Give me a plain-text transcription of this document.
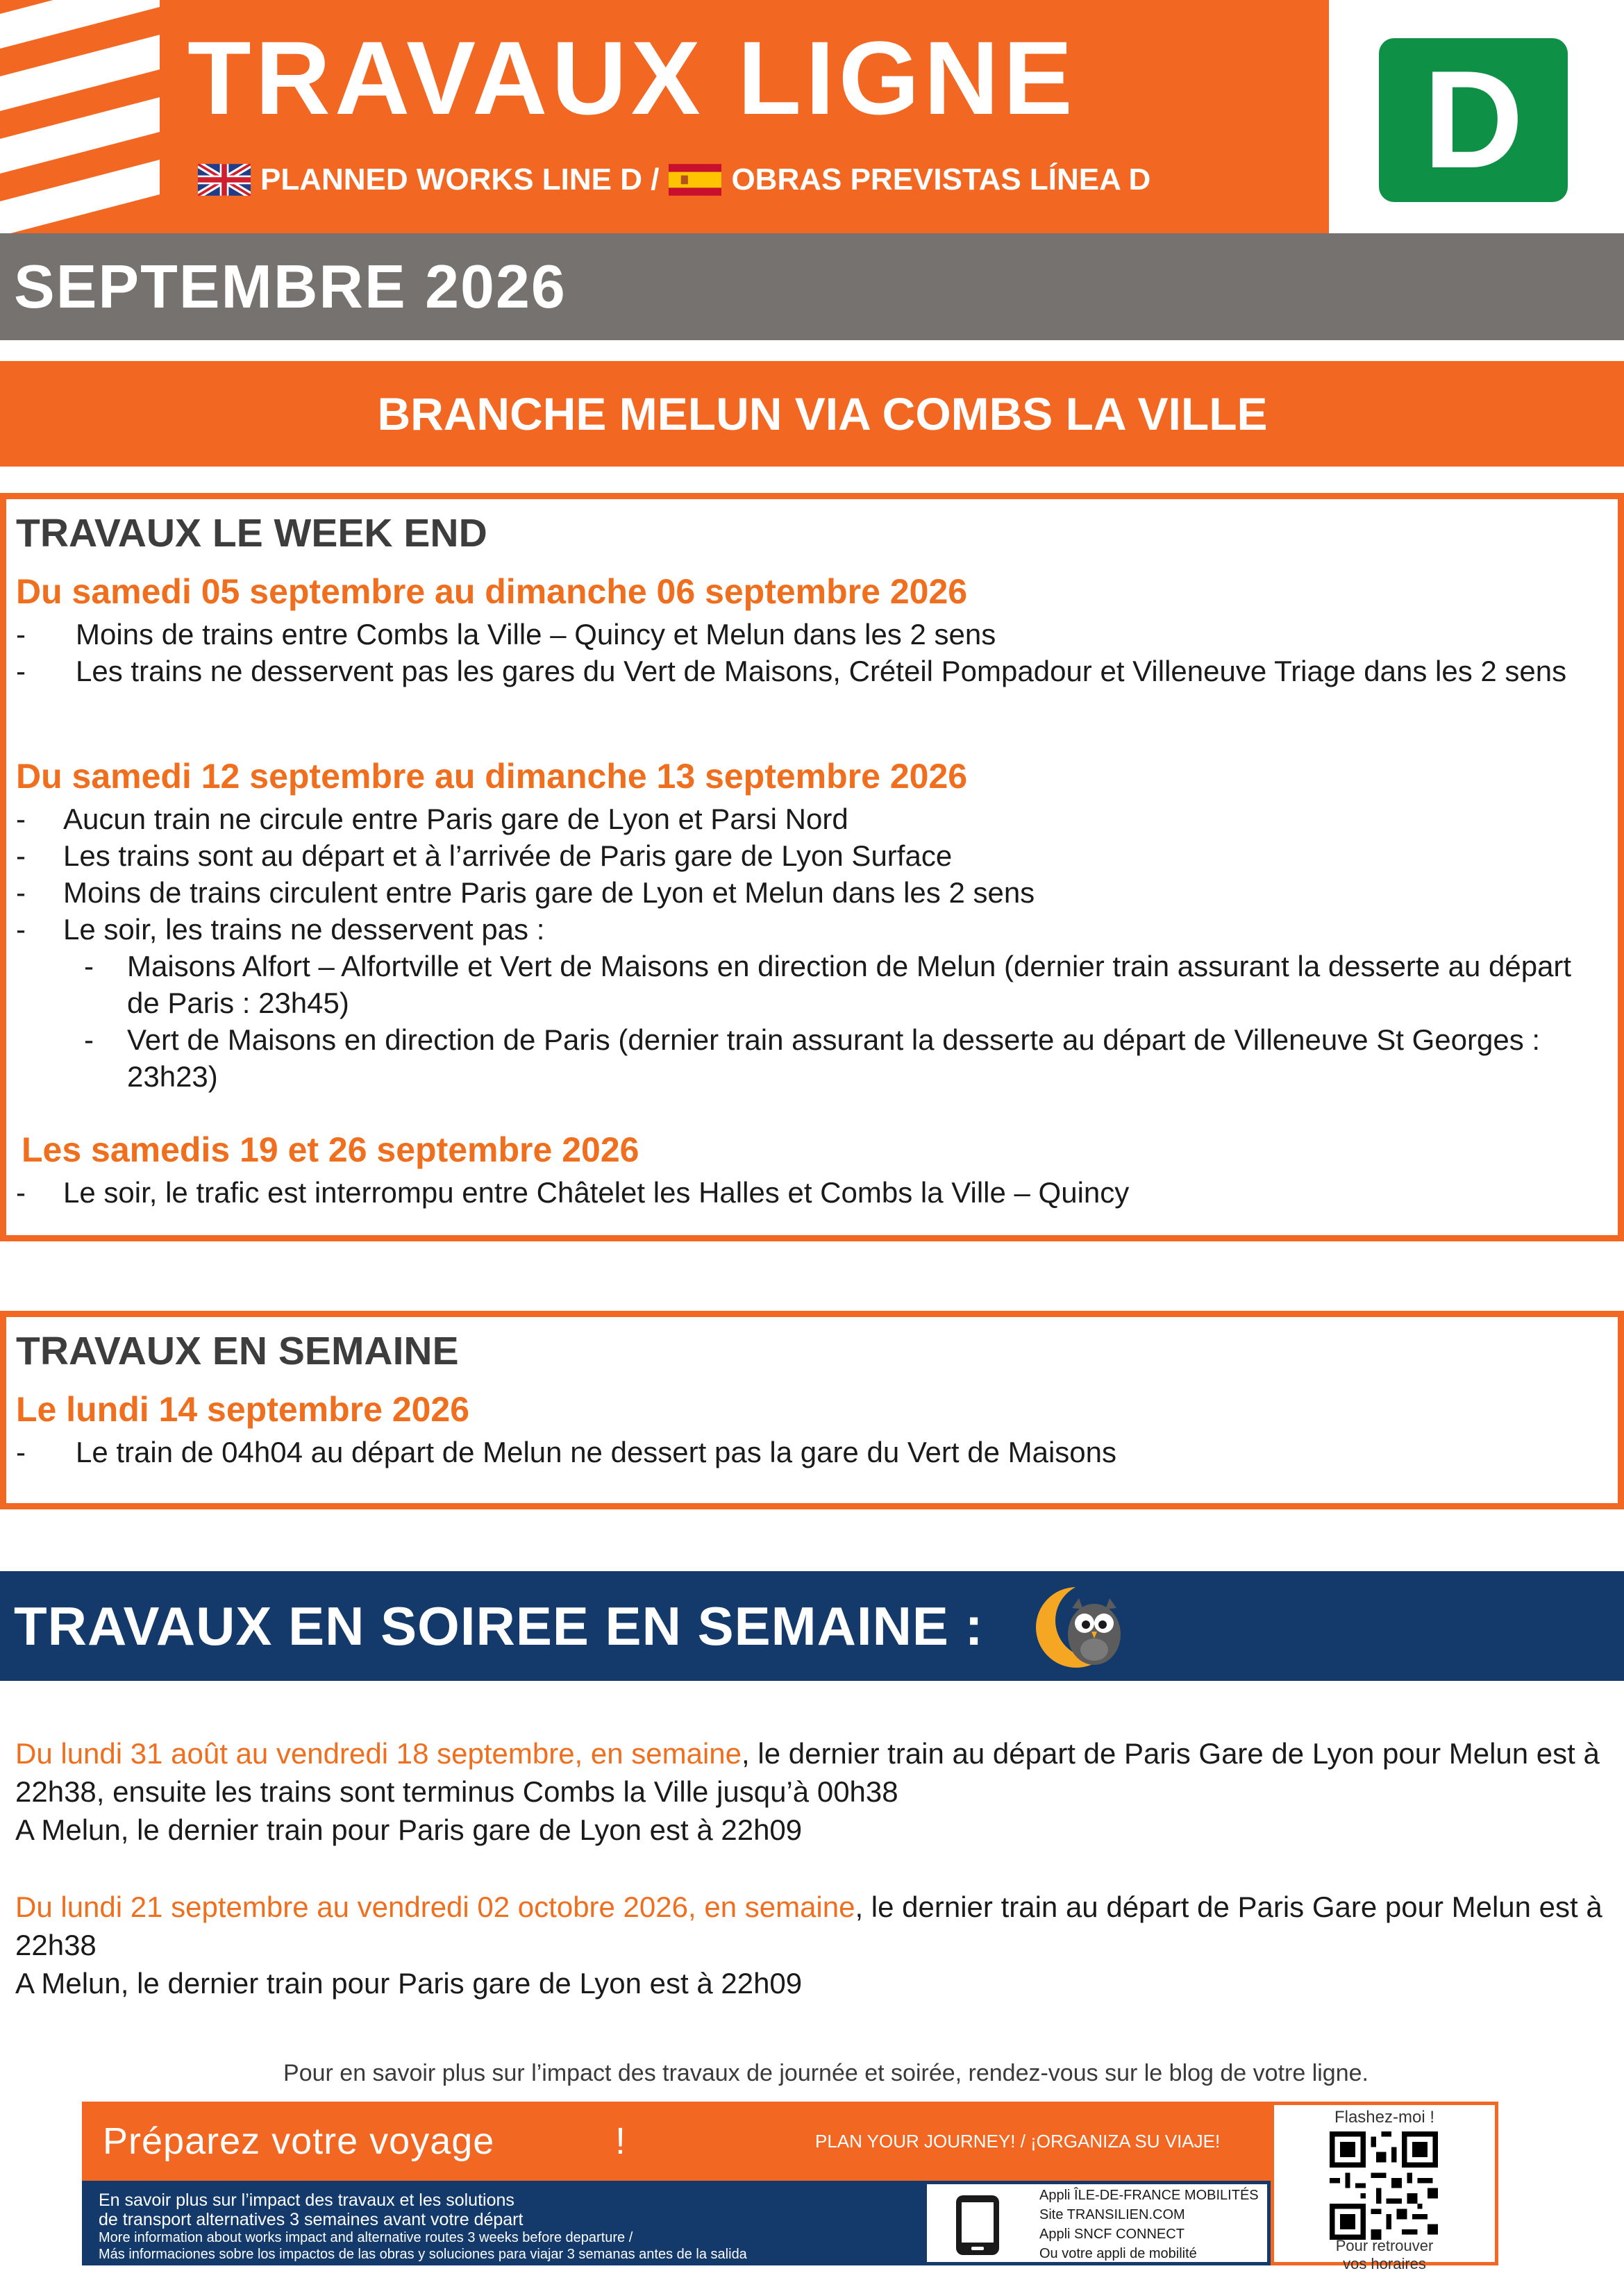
TRAVAUX LIGNE
PLANNED WORKS LINE D / OBRAS PREVISTAS LÍNEA D	D
SEPTEMBRE 2026
BRANCHE MELUN VIA COMBS LA VILLE
TRAVAUX LE WEEK END
Du samedi 05 septembre au dimanche 06 septembre 2026
-	Moins de trains entre Combs la Ville – Quincy et Melun dans les 2 sens
-	Les trains ne desservent pas les gares du Vert de Maisons, Créteil Pompadour et Villeneuve Triage dans les 2 sens
Du samedi 12 septembre au dimanche 13 septembre 2026
-	Aucun train ne circule entre Paris gare de Lyon et Parsi Nord
-	Les trains sont au départ et à l’arrivée de Paris gare de Lyon Surface
-	Moins de trains circulent entre Paris gare de Lyon et Melun dans les 2 sens
-	Le soir, les trains ne desservent pas :
-	Maisons Alfort – Alfortville et Vert de Maisons en direction de Melun (dernier train assurant la desserte au départ de Paris : 23h45)
-	Vert de Maisons en direction de Paris (dernier train assurant la desserte au départ de Villeneuve St Georges : 23h23)
Les samedis 19 et 26 septembre 2026
-	Le soir, le trafic est interrompu entre Châtelet les Halles et Combs la Ville – Quincy
TRAVAUX EN SEMAINE
Le lundi 14 septembre 2026
-	Le train de 04h04 au départ de Melun ne dessert pas la gare du Vert de Maisons
TRAVAUX EN SOIREE EN SEMAINE :
Du lundi 31 août au vendredi 18 septembre, en semaine, le dernier train au départ de Paris Gare de Lyon pour Melun est à 22h38, ensuite les trains sont terminus Combs la Ville jusqu’à 00h38
A Melun, le dernier train pour Paris gare de Lyon est à 22h09
Du lundi 21 septembre au vendredi 02 octobre 2026, en semaine, le dernier train au départ de Paris Gare pour Melun est à 22h38
A Melun, le dernier train pour Paris gare de Lyon est à 22h09
Pour en savoir plus sur l’impact des travaux de journée et soirée, rendez-vous sur le blog de votre ligne.
Préparez votre voyage	!	PLAN YOUR JOURNEY! / ¡ORGANIZA SU VIAJE!
En savoir plus sur l’impact des travaux et les solutions
de transport alternatives 3 semaines avant votre départ
More information about works impact and alternative routes 3 weeks before departure /
Más informaciones sobre los impactos de las obras y soluciones para viajar 3 semanas antes de la salida
Appli ÎLE-DE-FRANCE MOBILITÉS
Site TRANSILIEN.COM
Appli SNCF CONNECT
Ou votre appli de mobilité
Flashez-moi !
Pour retrouver
vos horaires
